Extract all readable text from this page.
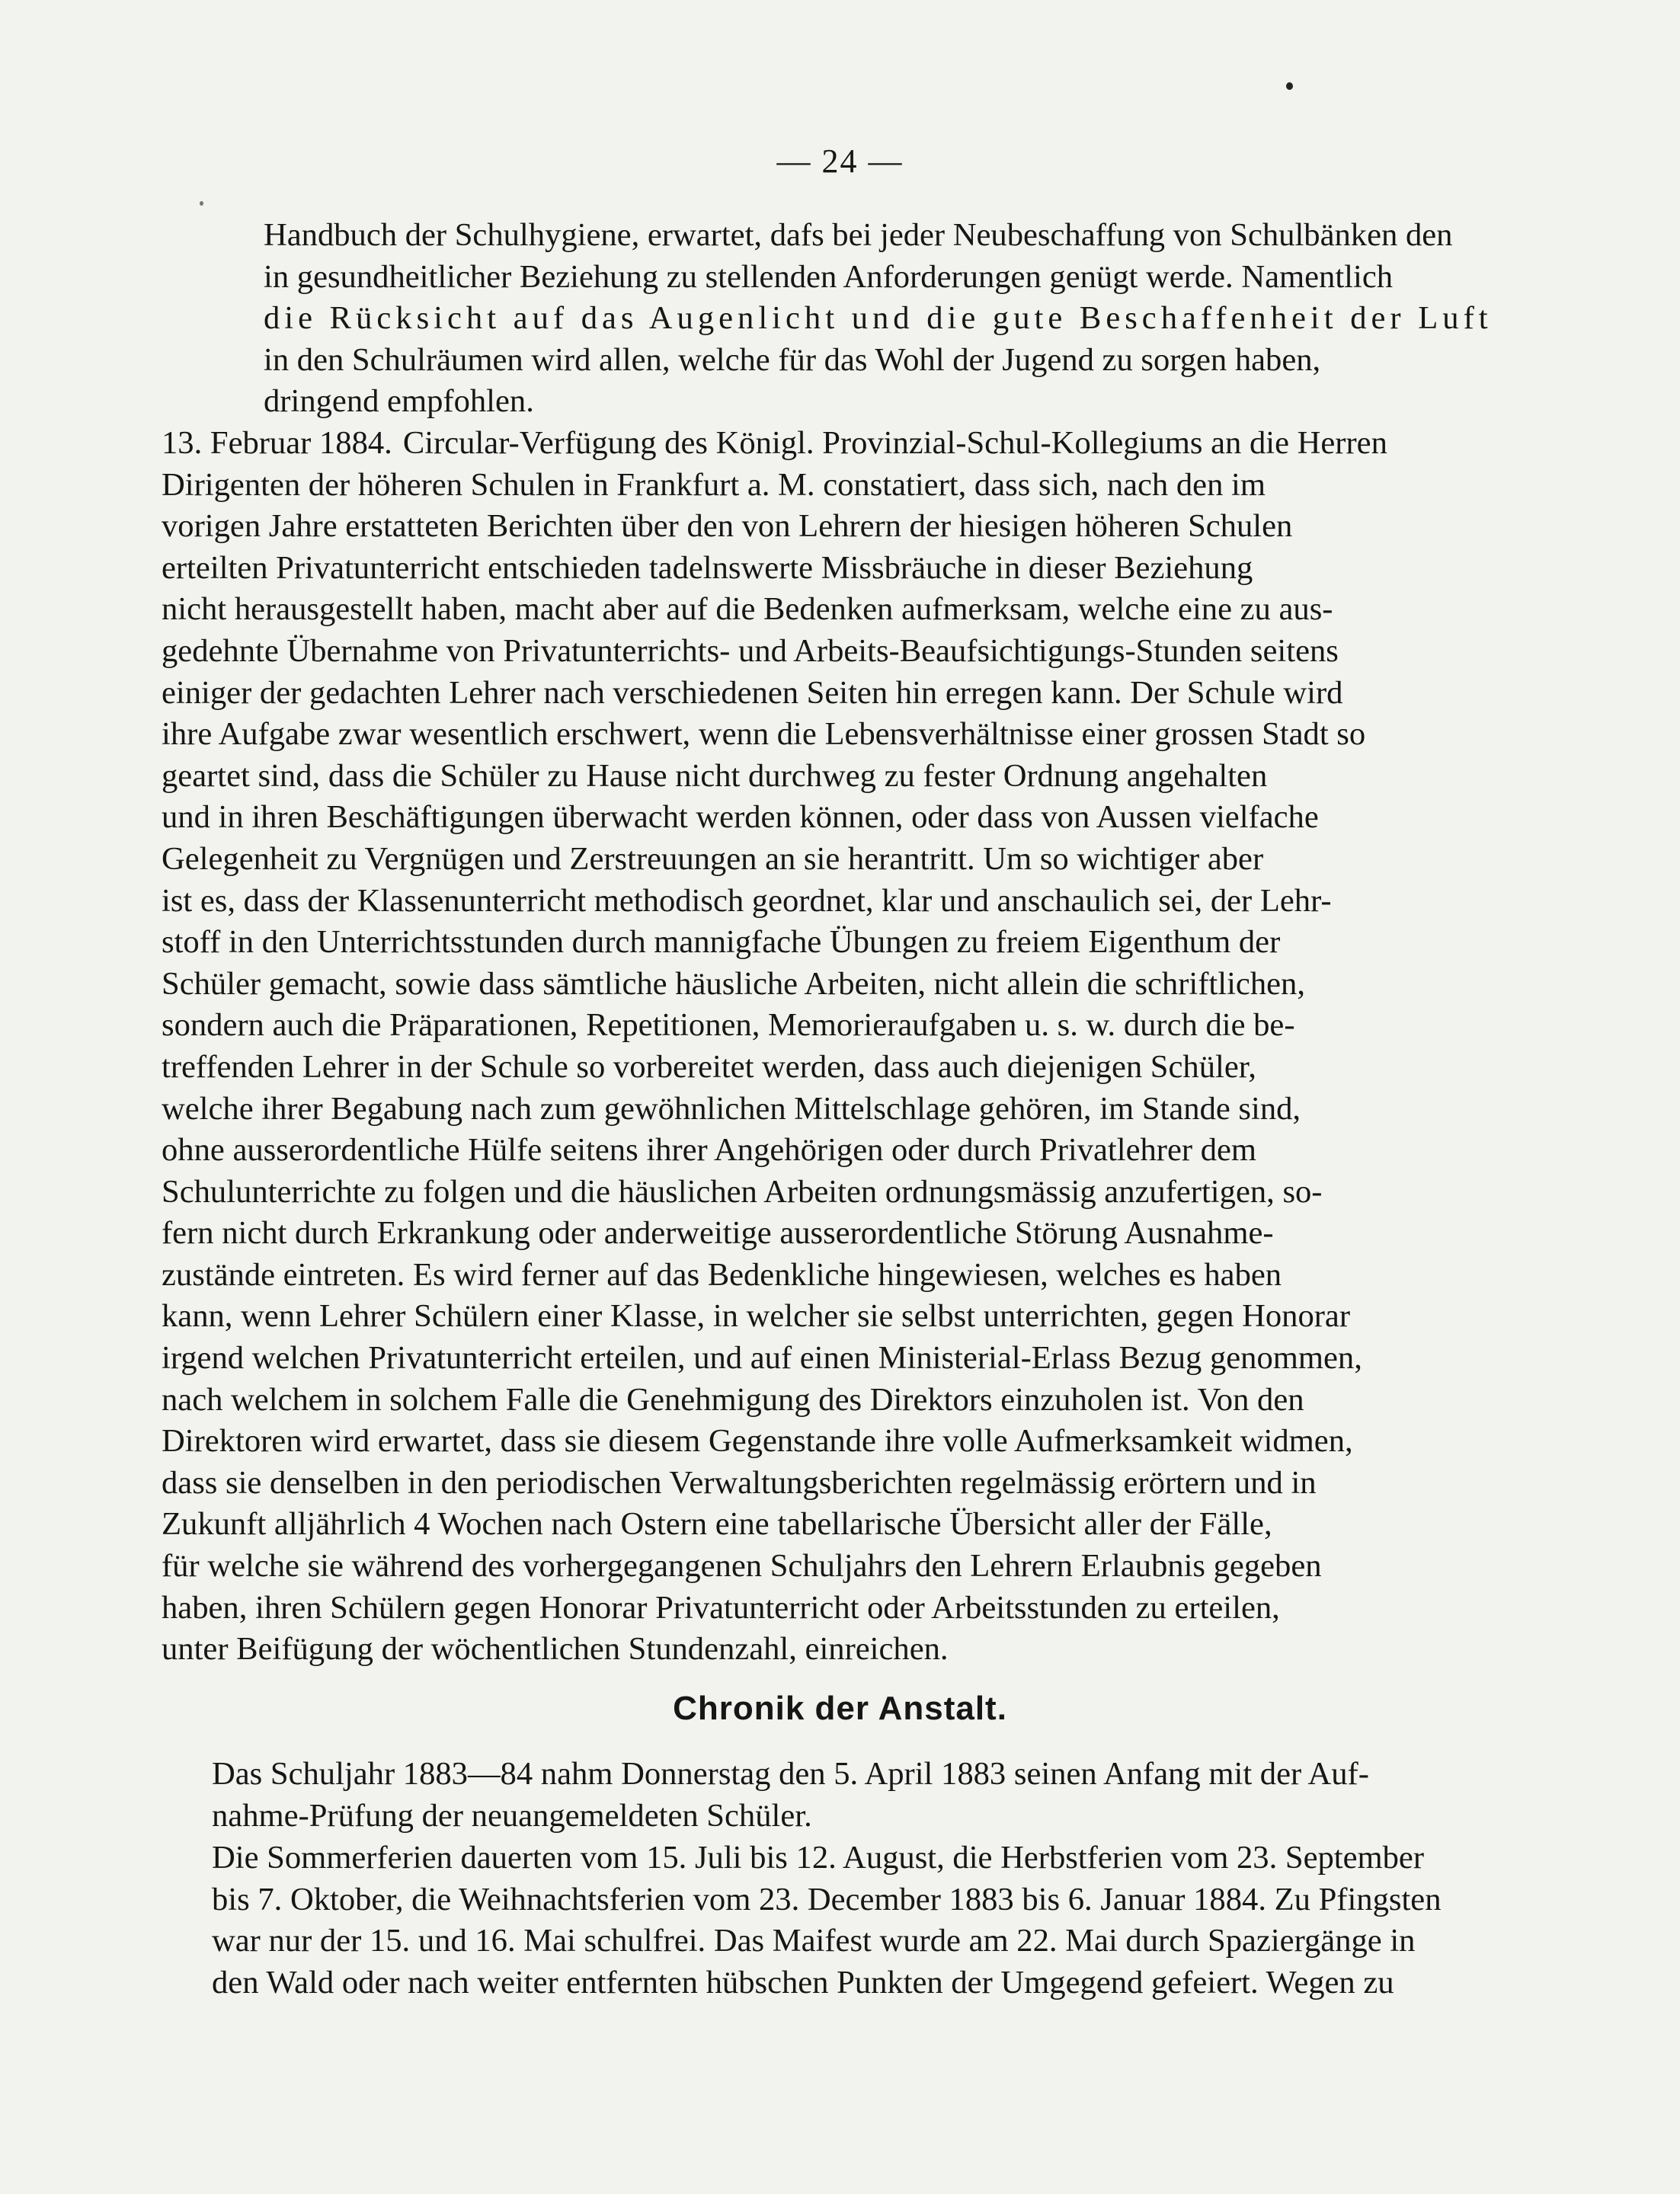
— 24 —
Handbuch der Schulhygiene, erwartet, dafs bei jeder Neubeschaffung von Schulbänken den
in gesundheitlicher Beziehung zu stellenden Anforderungen genügt werde. Namentlich
die Rücksicht auf das Augenlicht und die gute Beschaffenheit der Luft
in den Schulräumen wird allen, welche für das Wohl der Jugend zu sorgen haben,
dringend empfohlen.
13. Februar 1884. Circular-Verfügung des Königl. Provinzial-Schul-Kollegiums an die Herren
Dirigenten der höheren Schulen in Frankfurt a. M. constatiert, dass sich, nach den im
vorigen Jahre erstatteten Berichten über den von Lehrern der hiesigen höheren Schulen
erteilten Privatunterricht entschieden tadelnswerte Missbräuche in dieser Beziehung
nicht herausgestellt haben, macht aber auf die Bedenken aufmerksam, welche eine zu aus-
gedehnte Übernahme von Privatunterrichts- und Arbeits-Beaufsichtigungs-Stunden seitens
einiger der gedachten Lehrer nach verschiedenen Seiten hin erregen kann. Der Schule wird
ihre Aufgabe zwar wesentlich erschwert, wenn die Lebensverhältnisse einer grossen Stadt so
geartet sind, dass die Schüler zu Hause nicht durchweg zu fester Ordnung angehalten
und in ihren Beschäftigungen überwacht werden können, oder dass von Aussen vielfache
Gelegenheit zu Vergnügen und Zerstreuungen an sie herantritt. Um so wichtiger aber
ist es, dass der Klassenunterricht methodisch geordnet, klar und anschaulich sei, der Lehr-
stoff in den Unterrichtsstunden durch mannigfache Übungen zu freiem Eigenthum der
Schüler gemacht, sowie dass sämtliche häusliche Arbeiten, nicht allein die schriftlichen,
sondern auch die Präparationen, Repetitionen, Memorieraufgaben u. s. w. durch die be-
treffenden Lehrer in der Schule so vorbereitet werden, dass auch diejenigen Schüler,
welche ihrer Begabung nach zum gewöhnlichen Mittelschlage gehören, im Stande sind,
ohne ausserordentliche Hülfe seitens ihrer Angehörigen oder durch Privatlehrer dem
Schulunterrichte zu folgen und die häuslichen Arbeiten ordnungsmässig anzufertigen, so-
fern nicht durch Erkrankung oder anderweitige ausserordentliche Störung Ausnahme-
zustände eintreten. Es wird ferner auf das Bedenkliche hingewiesen, welches es haben
kann, wenn Lehrer Schülern einer Klasse, in welcher sie selbst unterrichten, gegen Honorar
irgend welchen Privatunterricht erteilen, und auf einen Ministerial-Erlass Bezug genommen,
nach welchem in solchem Falle die Genehmigung des Direktors einzuholen ist. Von den
Direktoren wird erwartet, dass sie diesem Gegenstande ihre volle Aufmerksamkeit widmen,
dass sie denselben in den periodischen Verwaltungsberichten regelmässig erörtern und in
Zukunft alljährlich 4 Wochen nach Ostern eine tabellarische Übersicht aller der Fälle,
für welche sie während des vorhergegangenen Schuljahrs den Lehrern Erlaubnis gegeben
haben, ihren Schülern gegen Honorar Privatunterricht oder Arbeitsstunden zu erteilen,
unter Beifügung der wöchentlichen Stundenzahl, einreichen.
Chronik der Anstalt.
Das Schuljahr 1883—84 nahm Donnerstag den 5. April 1883 seinen Anfang mit der Auf-
nahme-Prüfung der neuangemeldeten Schüler.
Die Sommerferien dauerten vom 15. Juli bis 12. August, die Herbstferien vom 23. September
bis 7. Oktober, die Weihnachtsferien vom 23. December 1883 bis 6. Januar 1884. Zu Pfingsten
war nur der 15. und 16. Mai schulfrei. Das Maifest wurde am 22. Mai durch Spaziergänge in
den Wald oder nach weiter entfernten hübschen Punkten der Umgegend gefeiert. Wegen zu
